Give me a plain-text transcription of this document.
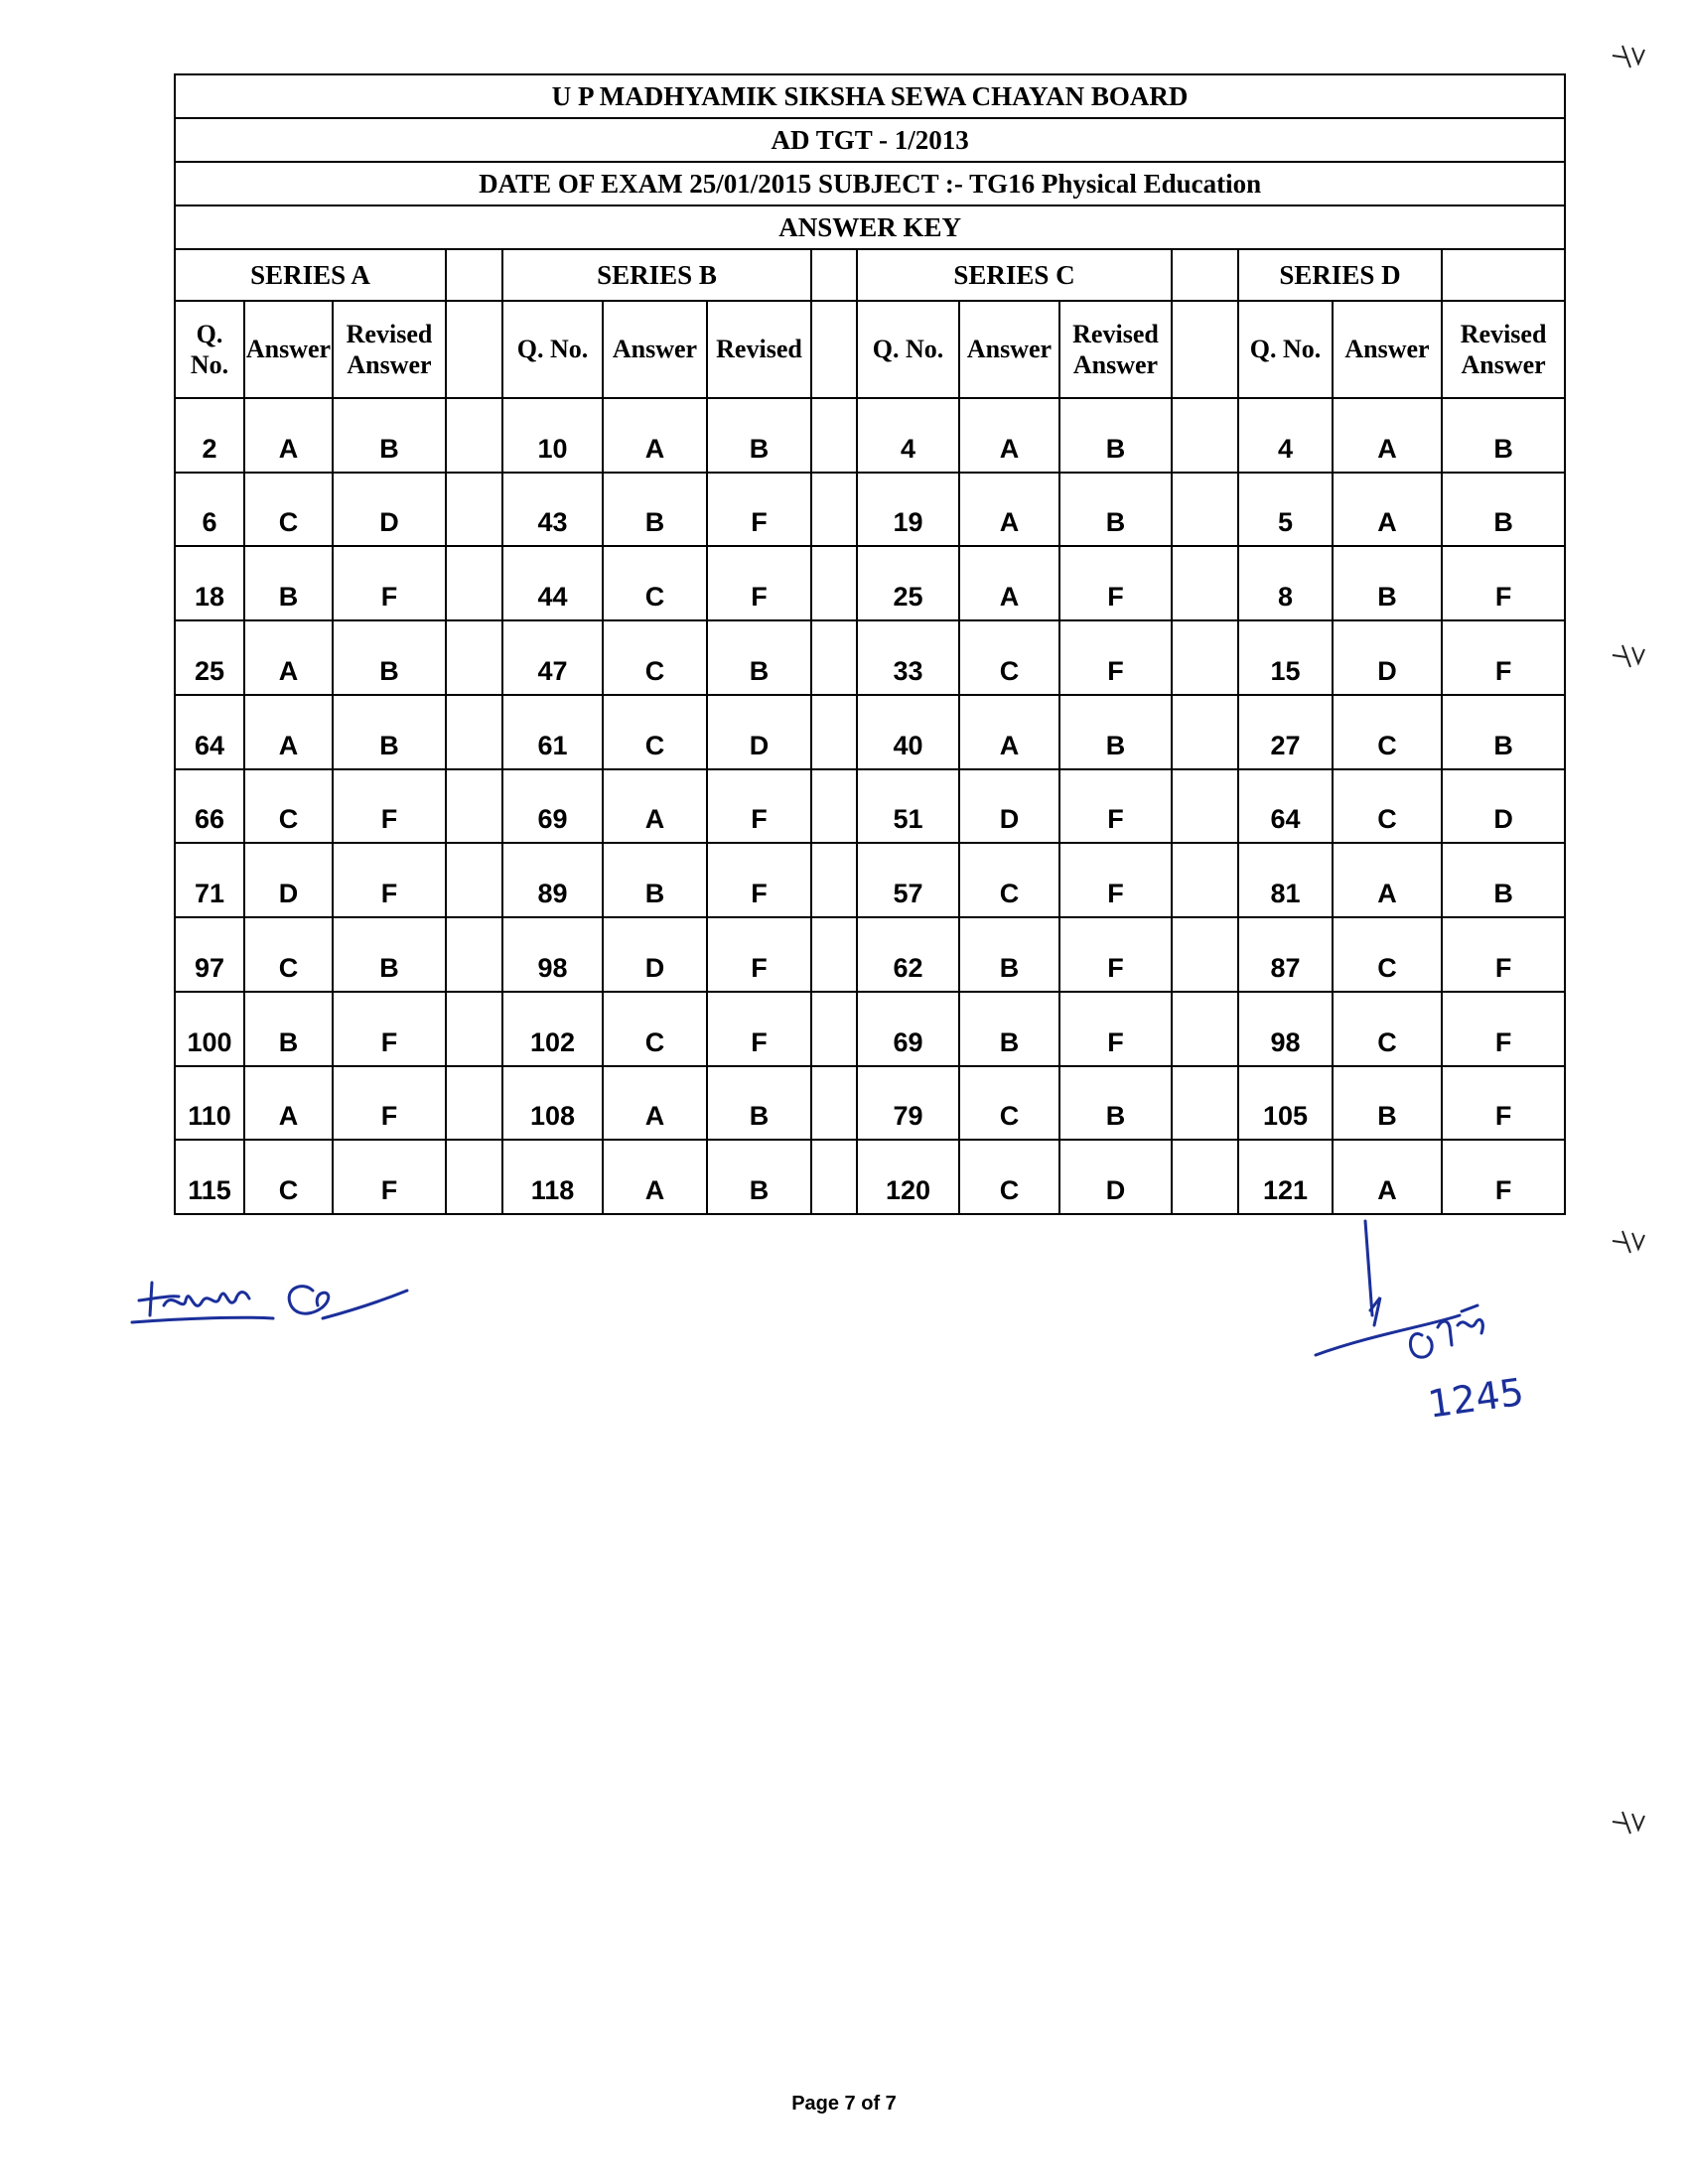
U P MADHYAMIK SIKSHA SEWA CHAYAN BOARD														
AD TGT - 1/2013														
DATE OF EXAM 25/01/2015 SUBJECT :- TG16 Physical Education														
ANSWER KEY														
SERIES A				SERIES B				SERIES C				SERIES D		
Q. No.	Answer	Revised Answer		Q. No.	Answer	Revised		Q. No.	Answer	Revised Answer		Q. No.	Answer	Revised Answer
2	A	B		10	A	B		4	A	B		4	A	B
6	C	D		43	B	F		19	A	B		5	A	B
18	B	F		44	C	F		25	A	F		8	B	F
25	A	B		47	C	B		33	C	F		15	D	F
64	A	B		61	C	D		40	A	B		27	C	B
66	C	F		69	A	F		51	D	F		64	C	D
71	D	F		89	B	F		57	C	F		81	A	B
97	C	B		98	D	F		62	B	F		87	C	F
100	B	F		102	C	F		69	B	F		98	C	F
110	A	F		108	A	B		79	C	B		105	B	F
115	C	F		118	A	B		120	C	D		121	A	F
1245
Page 7 of 7
